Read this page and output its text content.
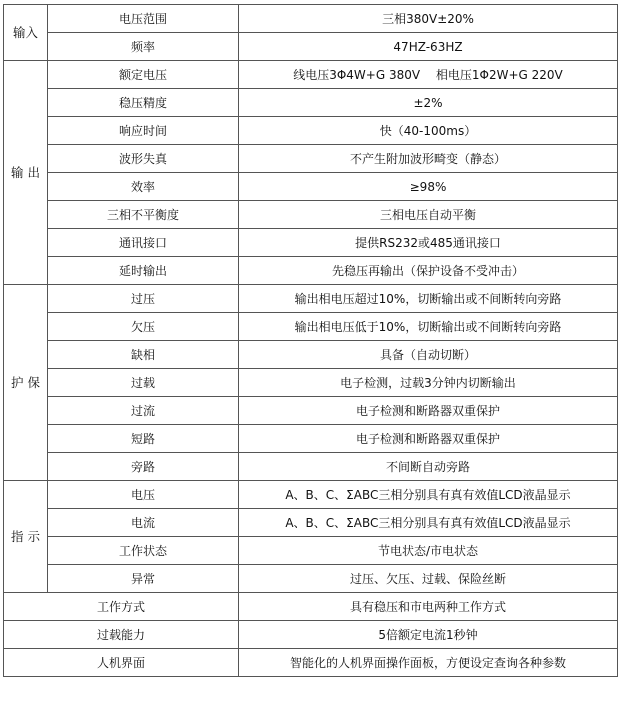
输入	电压范围	三相380V±20%
	频率	47HZ-63HZ
输 出	额定电压	线电压3Φ4W+G 380V　 相电压1Φ2W+G 220V
	稳压精度	±2%
	响应时间	快（40-100ms）
	波形失真	不产生附加波形畸变（静态）
	效率	≥98%
	三相不平衡度	三相电压自动平衡
	通讯接口	提供RS232或485通讯接口
	延时输出	先稳压再输出（保护设备不受冲击）
护 保	过压	输出相电压超过10%，切断输出或不间断转向旁路
	欠压	输出相电压低于10%，切断输出或不间断转向旁路
	缺相	具备（自动切断）
	过载	电子检测，过载3分钟内切断输出
	过流	电子检测和断路器双重保护
	短路	电子检测和断路器双重保护
	旁路	不间断自动旁路
指 示	电压	A、B、C、ΣABC三相分别具有真有效值LCD液晶显示
	电流	A、B、C、ΣABC三相分别具有真有效值LCD液晶显示
	工作状态	节电状态/市电状态
	异常	过压、欠压、过载、保险丝断
工作方式		具有稳压和市电两种工作方式
过载能力		5倍额定电流1秒钟
人机界面		智能化的人机界面操作面板，方便设定查询各种参数
